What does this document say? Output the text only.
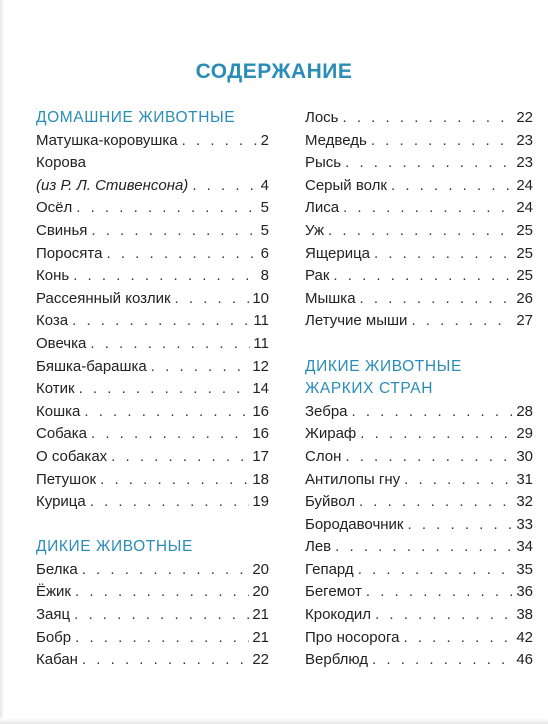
СОДЕРЖАНИЕ
ДОМАШНИЕ ЖИВОТНЫЕ
Матушка-коровушка . . .	2
Корова
(из Р. Л. Стивенсона) . . .	4
Осёл . . .	5
Свинья . . .	5
Поросята . . .	6
Конь . . .	8
Рассеянный козлик . . .	10
Коза . . .	11
Овечка . . .	11
Бяшка-барашка . . .	12
Котик . . .	14
Кошка . . .	16
Собака . . .	16
О собаках . . .	17
Петушок . . .	18
Курица . . .	19
ДИКИЕ ЖИВОТНЫЕ
Белка . . .	20
Ёжик . . .	20
Заяц . . .	21
Бобр . . .	21
Кабан . . .	22
Лось . . .	22
Медведь . . .	23
Рысь . . .	23
Серый волк . . .	24
Лиса . . .	24
Уж . . .	25
Ящерица . . .	25
Рак . . .	25
Мышка . . .	26
Летучие мыши . . .	27
ДИКИЕ ЖИВОТНЫЕ
ЖАРКИХ СТРАН
Зебра . . .	28
Жираф . . .	29
Слон . . .	30
Антилопы гну . . .	31
Буйвол . . .	32
Бородавочник . . .	33
Лев . . .	34
Гепард . . .	35
Бегемот . . .	36
Крокодил . . .	38
Про носорога . . .	42
Верблюд . . .	46
